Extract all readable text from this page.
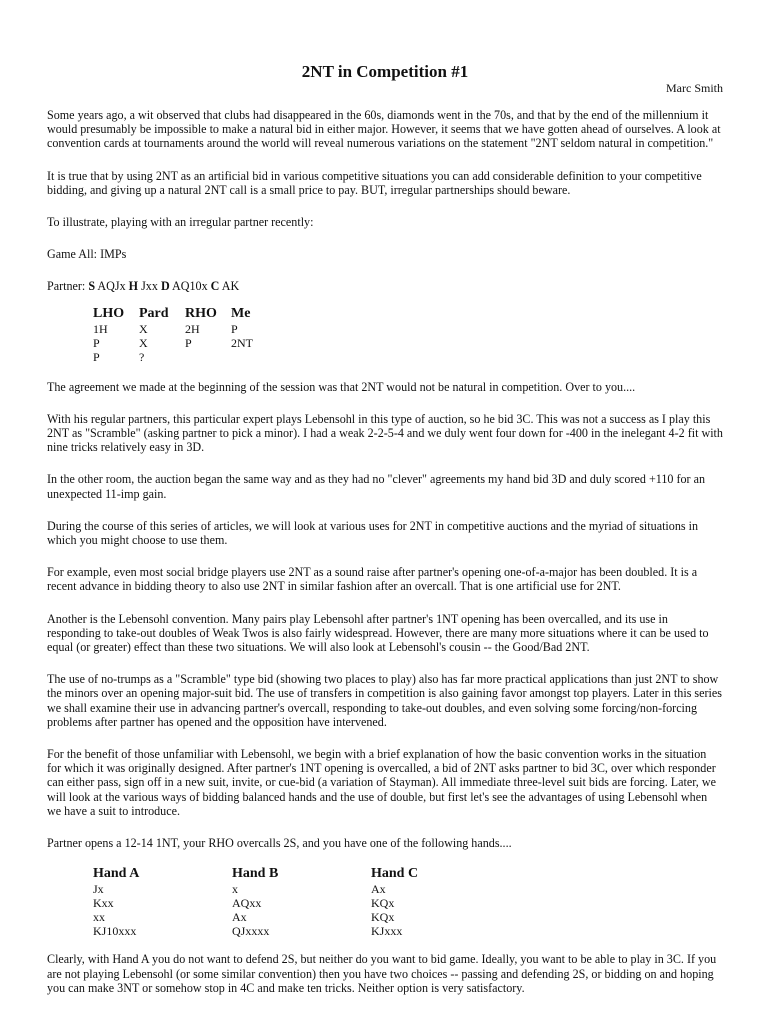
2NT in Competition #1

Marc Smith

Some years ago, a wit observed that clubs had disappeared in the 60s, diamonds went in the 70s, and that by the end of the millennium it would presumably be impossible to make a natural bid in either major. However, it seems that we have gotten ahead of ourselves. A look at convention cards at tournaments around the world will reveal numerous variations on the statement "2NT seldom natural in competition."

It is true that by using 2NT as an artificial bid in various competitive situations you can add considerable definition to your competitive bidding, and giving up a natural 2NT call is a small price to pay. BUT, irregular partnerships should beware.

To illustrate, playing with an irregular partner recently:

Game All: IMPs

Partner: S AQJx H Jxx D AQ10x C AK

LHO	Pard	RHO	Me
1H	X	2H	P
P	X	P	2NT
P	?		

The agreement we made at the beginning of the session was that 2NT would not be natural in competition. Over to you....

With his regular partners, this particular expert plays Lebensohl in this type of auction, so he bid 3C. This was not a success as I play this 2NT as "Scramble" (asking partner to pick a minor). I had a weak 2-2-5-4 and we duly went four down for -400 in the inelegant 4-2 fit with nine tricks relatively easy in 3D.

In the other room, the auction began the same way and as they had no "clever" agreements my hand bid 3D and duly scored +110 for an unexpected 11-imp gain.

During the course of this series of articles, we will look at various uses for 2NT in competitive auctions and the myriad of situations in which you might choose to use them.

For example, even most social bridge players use 2NT as a sound raise after partner's opening one-of-a-major has been doubled. It is a recent advance in bidding theory to also use 2NT in similar fashion after an overcall. That is one artificial use for 2NT.

Another is the Lebensohl convention. Many pairs play Lebensohl after partner's 1NT opening has been overcalled, and its use in responding to take-out doubles of Weak Twos is also fairly widespread. However, there are many more situations where it can be used to equal (or greater) effect than these two situations. We will also look at Lebensohl's cousin -- the Good/Bad 2NT.

The use of no-trumps as a "Scramble" type bid (showing two places to play) also has far more practical applications than just 2NT to show the minors over an opening major-suit bid. The use of transfers in competition is also gaining favor amongst top players. Later in this series we shall examine their use in advancing partner's overcall, responding to take-out doubles, and even solving some forcing/non-forcing problems after partner has opened and the opposition have intervened.

For the benefit of those unfamiliar with Lebensohl, we begin with a brief explanation of how the basic convention works in the situation for which it was originally designed. After partner's 1NT opening is overcalled, a bid of 2NT asks partner to bid 3C, over which responder can either pass, sign off in a new suit, invite, or cue-bid (a variation of Stayman). All immediate three-level suit bids are forcing. Later, we will look at the various ways of bidding balanced hands and the use of double, but first let's see the advantages of using Lebensohl when we have a suit to introduce.

Partner opens a 12-14 1NT, your RHO overcalls 2S, and you have one of the following hands....

Hand A	Hand B	Hand C
Jx	x	Ax
Kxx	AQxx	KQx
xx	Ax	KQx
KJ10xxx	QJxxxx	KJxxx

Clearly, with Hand A you do not want to defend 2S, but neither do you want to bid game. Ideally, you want to be able to play in 3C. If you are not playing Lebensohl (or some similar convention) then you have two choices -- passing and defending 2S, or bidding on and hoping you can make 3NT or somehow stop in 4C and make ten tricks. Neither option is very satisfactory.
